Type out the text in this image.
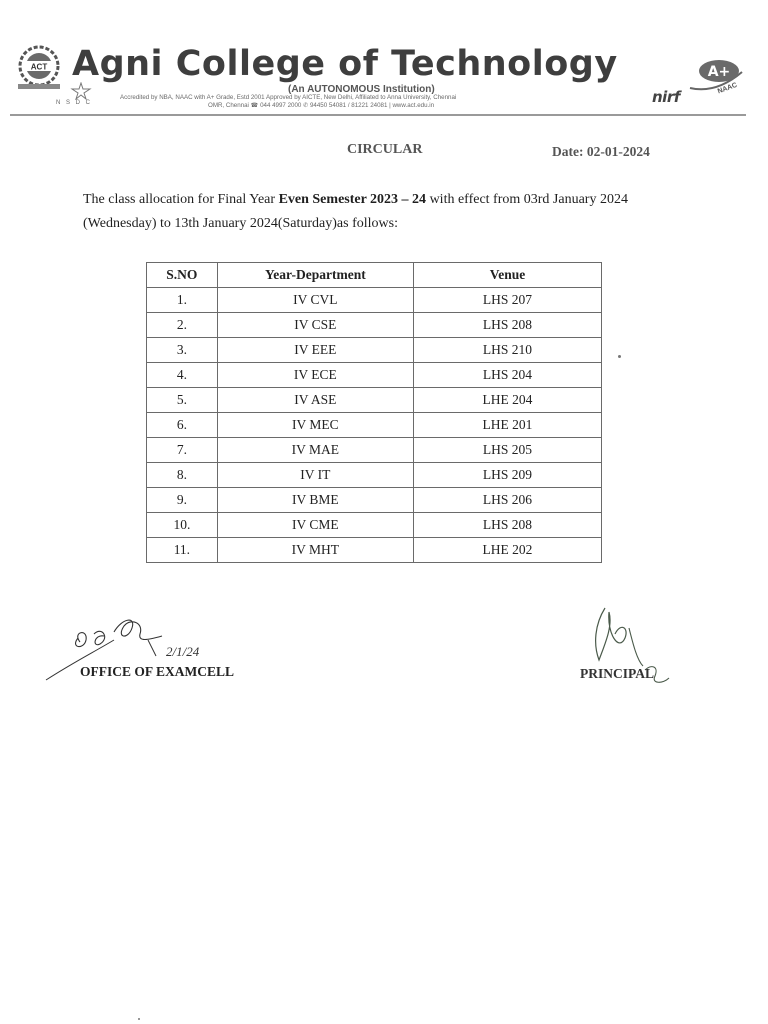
ACT
N S D C
Agni College of Technology
(An AUTONOMOUS Institution)
Accredited by NBA, NAAC with A+ Grade, Estd 2001 Approved by AICTE, New Delhi, Affiliated to Anna University, Chennai
OMR, Chennai ☎ 044 4997 2000 ✆ 94450 54081 / 81221 24081 | www.act.edu.in
A+
NAAC
nirf
CIRCULAR	Date: 02-01-2024
The class allocation for Final Year Even Semester 2023 – 24 with effect from 03rd January 2024 (Wednesday) to 13th January 2024(Saturday)as follows:
S.NO	Year-Department	Venue
1.	IV CVL	LHS 207
2.	IV CSE	LHS 208
3.	IV EEE	LHS 210
4.	IV ECE	LHS 204
5.	IV ASE	LHE 204
6.	IV MEC	LHE 201
7.	IV MAE	LHS 205
8.	IV IT	LHS 209
9.	IV BME	LHS 206
10.	IV CME	LHS 208
11.	IV MHT	LHE 202
2/1/24
OFFICE OF EXAMCELL	PRINCIPAL
